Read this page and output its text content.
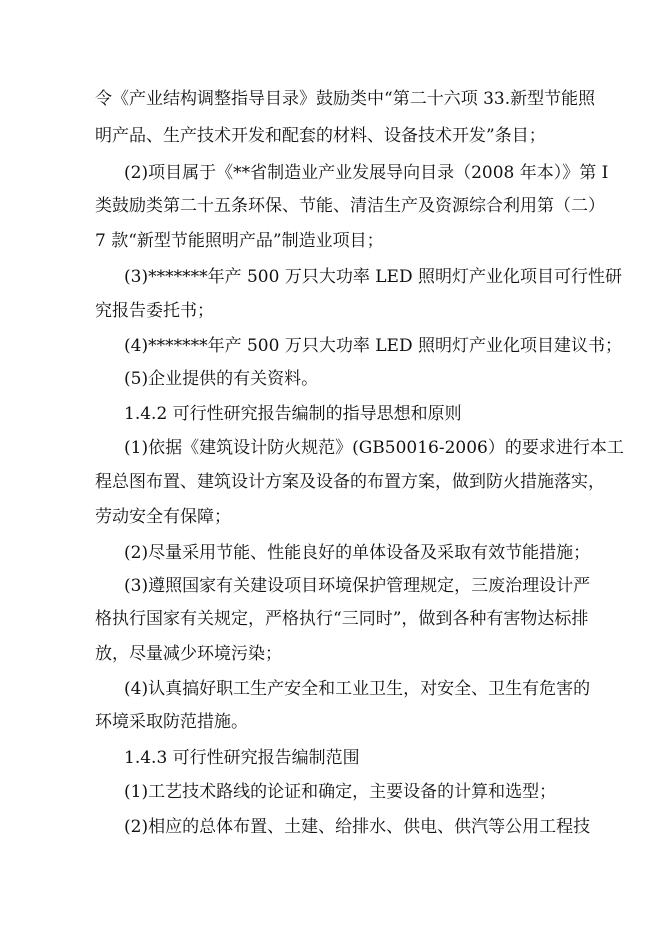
令《产业结构调整指导目录》鼓励类中“第二十六项 33.新型节能照
明产品、生产技术开发和配套的材料、设备技术开发”条目；
(2)项目属于《**省制造业产业发展导向目录（2008 年本）》第 I
类鼓励类第二十五条环保、节能、清洁生产及资源综合利用第（二）
7 款“新型节能照明产品”制造业项目；
(3)*******年产 500 万只大功率 LED 照明灯产业化项目可行性研
究报告委托书；
(4)*******年产 500 万只大功率 LED 照明灯产业化项目建议书；
(5)企业提供的有关资料。
1.4.2 可行性研究报告编制的指导思想和原则
(1)依据《建筑设计防火规范》(GB50016-2006）的要求进行本工
程总图布置、建筑设计方案及设备的布置方案，做到防火措施落实，
劳动安全有保障；
(2)尽量采用节能、性能良好的单体设备及采取有效节能措施；
(3)遵照国家有关建设项目环境保护管理规定，三废治理设计严
格执行国家有关规定，严格执行“三同时”，做到各种有害物达标排
放，尽量减少环境污染；
(4)认真搞好职工生产安全和工业卫生，对安全、卫生有危害的
环境采取防范措施。
1.4.3 可行性研究报告编制范围
(1)工艺技术路线的论证和确定，主要设备的计算和选型；
(2)相应的总体布置、土建、给排水、供电、供汽等公用工程技
